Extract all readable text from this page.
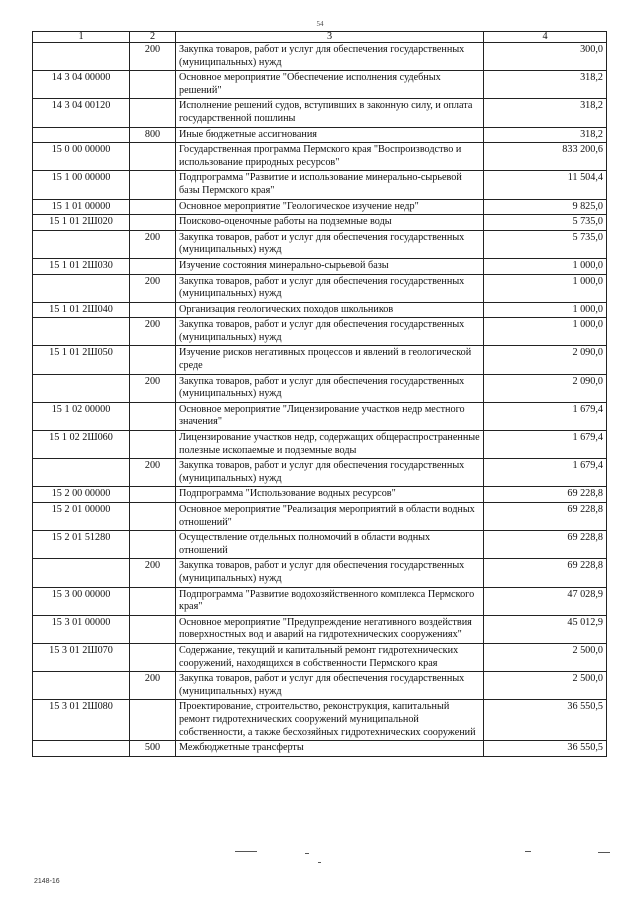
54
1	2	3	4
	200	Закупка товаров, работ и услуг для обеспечения государственных (муниципальных) нужд	300,0
14 3 04 00000		Основное мероприятие "Обеспечение исполнения судебных решений"	318,2
14 3 04 00120		Исполнение решений судов, вступивших в законную силу, и оплата государственной пошлины	318,2
	800	Иные бюджетные ассигнования	318,2
15 0 00 00000		Государственная программа Пермского края "Воспроизводство и использование природных ресурсов"	833 200,6
15 1 00 00000		Подпрограмма "Развитие и использование минерально-сырьевой базы Пермского края"	11 504,4
15 1 01 00000		Основное мероприятие "Геологическое изучение недр"	9 825,0
15 1 01 2Ш020		Поисково-оценочные работы на подземные воды	5 735,0
	200	Закупка товаров, работ и услуг для обеспечения государственных (муниципальных) нужд	5 735,0
15 1 01 2Ш030		Изучение состояния минерально-сырьевой базы	1 000,0
	200	Закупка товаров, работ и услуг для обеспечения государственных (муниципальных) нужд	1 000,0
15 1 01 2Ш040		Организация геологических походов школьников	1 000,0
	200	Закупка товаров, работ и услуг для обеспечения государственных (муниципальных) нужд	1 000,0
15 1 01 2Ш050		Изучение рисков негативных процессов и явлений в геологической среде	2 090,0
	200	Закупка товаров, работ и услуг для обеспечения государственных (муниципальных) нужд	2 090,0
15 1 02 00000		Основное мероприятие "Лицензирование участков недр местного значения"	1 679,4
15 1 02 2Ш060		Лицензирование участков недр, содержащих общераспространенные полезные ископаемые и подземные воды	1 679,4
	200	Закупка товаров, работ и услуг для обеспечения государственных (муниципальных) нужд	1 679,4
15 2 00 00000		Подпрограмма "Использование водных ресурсов"	69 228,8
15 2 01 00000		Основное мероприятие "Реализация мероприятий в области водных отношений"	69 228,8
15 2 01 51280		Осуществление отдельных полномочий в области водных отношений	69 228,8
	200	Закупка товаров, работ и услуг для обеспечения государственных (муниципальных) нужд	69 228,8
15 3 00 00000		Подпрограмма "Развитие водохозяйственного комплекса Пермского края"	47 028,9
15 3 01 00000		Основное мероприятие "Предупреждение негативного воздействия поверхностных вод и аварий на гидротехнических сооружениях"	45 012,9
15 3 01 2Ш070		Содержание, текущий и капитальный ремонт гидротехнических сооружений, находящихся в собственности Пермского края	2 500,0
	200	Закупка товаров, работ и услуг для обеспечения государственных (муниципальных) нужд	2 500,0
15 3 01 2Ш080		Проектирование, строительство, реконструкция, капитальный ремонт гидротехнических сооружений муниципальной собственности, а также бесхозяйных гидротехнических сооружений	36 550,5
	500	Межбюджетные трансферты	36 550,5
2148-16
